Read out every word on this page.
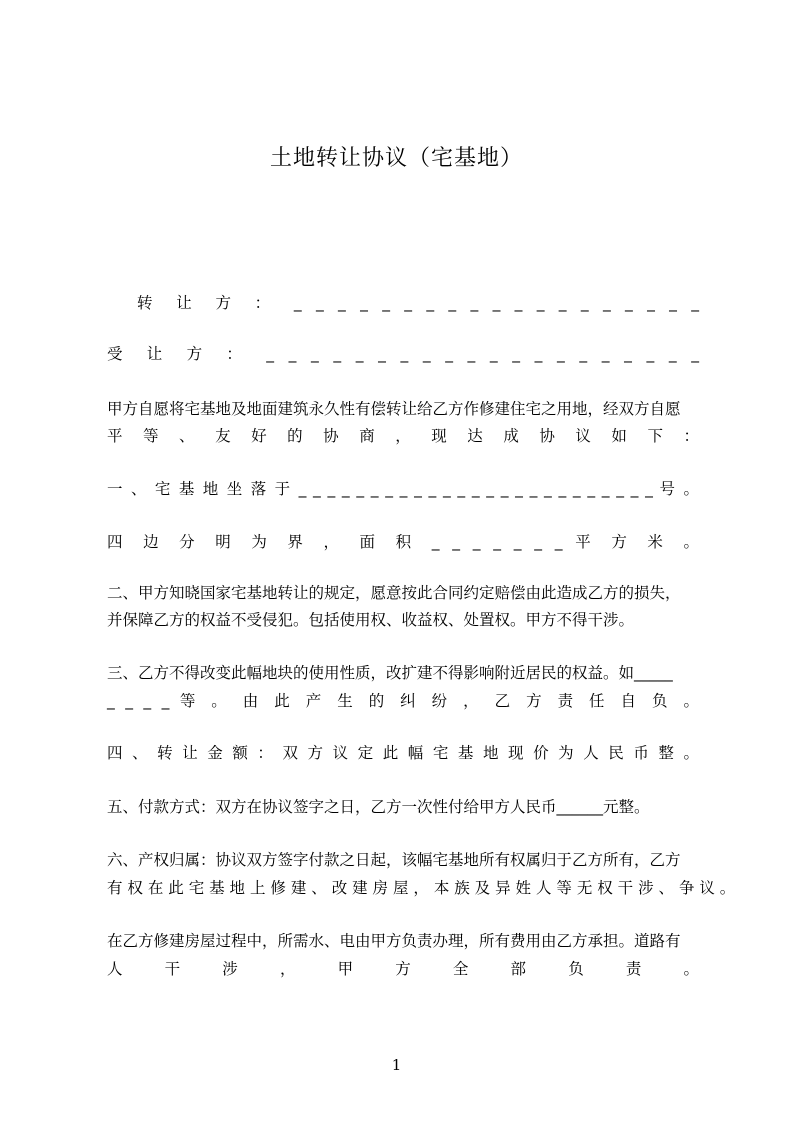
土地转让协议（宅基地）
转 让 方 ： _ _ _ _ _ _ _ _ _ _ _ _ _ _ _ _ _ _ _
受 让 方 ： _ _ _ _ _ _ _ _ _ _ _ _ _ _ _ _ _ _ _ _
甲方自愿将宅基地及地面建筑永久性有偿转让给乙方作修建住宅之用地，经双方自愿
平 等 、 友 好 的 协 商 ， 现 达 成 协 议 如 下 ：
一 、 宅 基 地 坐 落 于 _ _ _ _ _ _ _ _ _ _ _ _ _ _ _ _ _ _ _ _ _ _ _ _ _ 号 。
四 边 分 明 为 界 ， 面 积 _ _ _ _ _ _ _ 平 方 米 。
二、甲方知晓国家宅基地转让的规定，愿意按此合同约定赔偿由此造成乙方的损失，
并保障乙方的权益不受侵犯。包括使用权、收益权、处置权。甲方不得干涉。
三、乙方不得改变此幅地块的使用性质，改扩建不得影响附近居民的权益。如_____
_ _ _ _ 等 。 由 此 产 生 的 纠 纷 ， 乙 方 责 任 自 负 。
四 、 转 让 金 额 ： 双 方 议 定 此 幅 宅 基 地 现 价 为 人 民 币 整 。
五、付款方式：双方在协议签字之日，乙方一次性付给甲方人民币______元整。
六、产权归属：协议双方签字付款之日起，该幅宅基地所有权属归于乙方所有，乙方
有 权 在 此 宅 基 地 上 修 建 、 改 建 房 屋 ， 本 族 及 异 姓 人 等 无 权 干 涉 、 争 议 。
在乙方修建房屋过程中，所需水、电由甲方负责办理，所有费用由乙方承担。道路有
人 干 涉 ， 甲 方 全 部 负 责 。
1
